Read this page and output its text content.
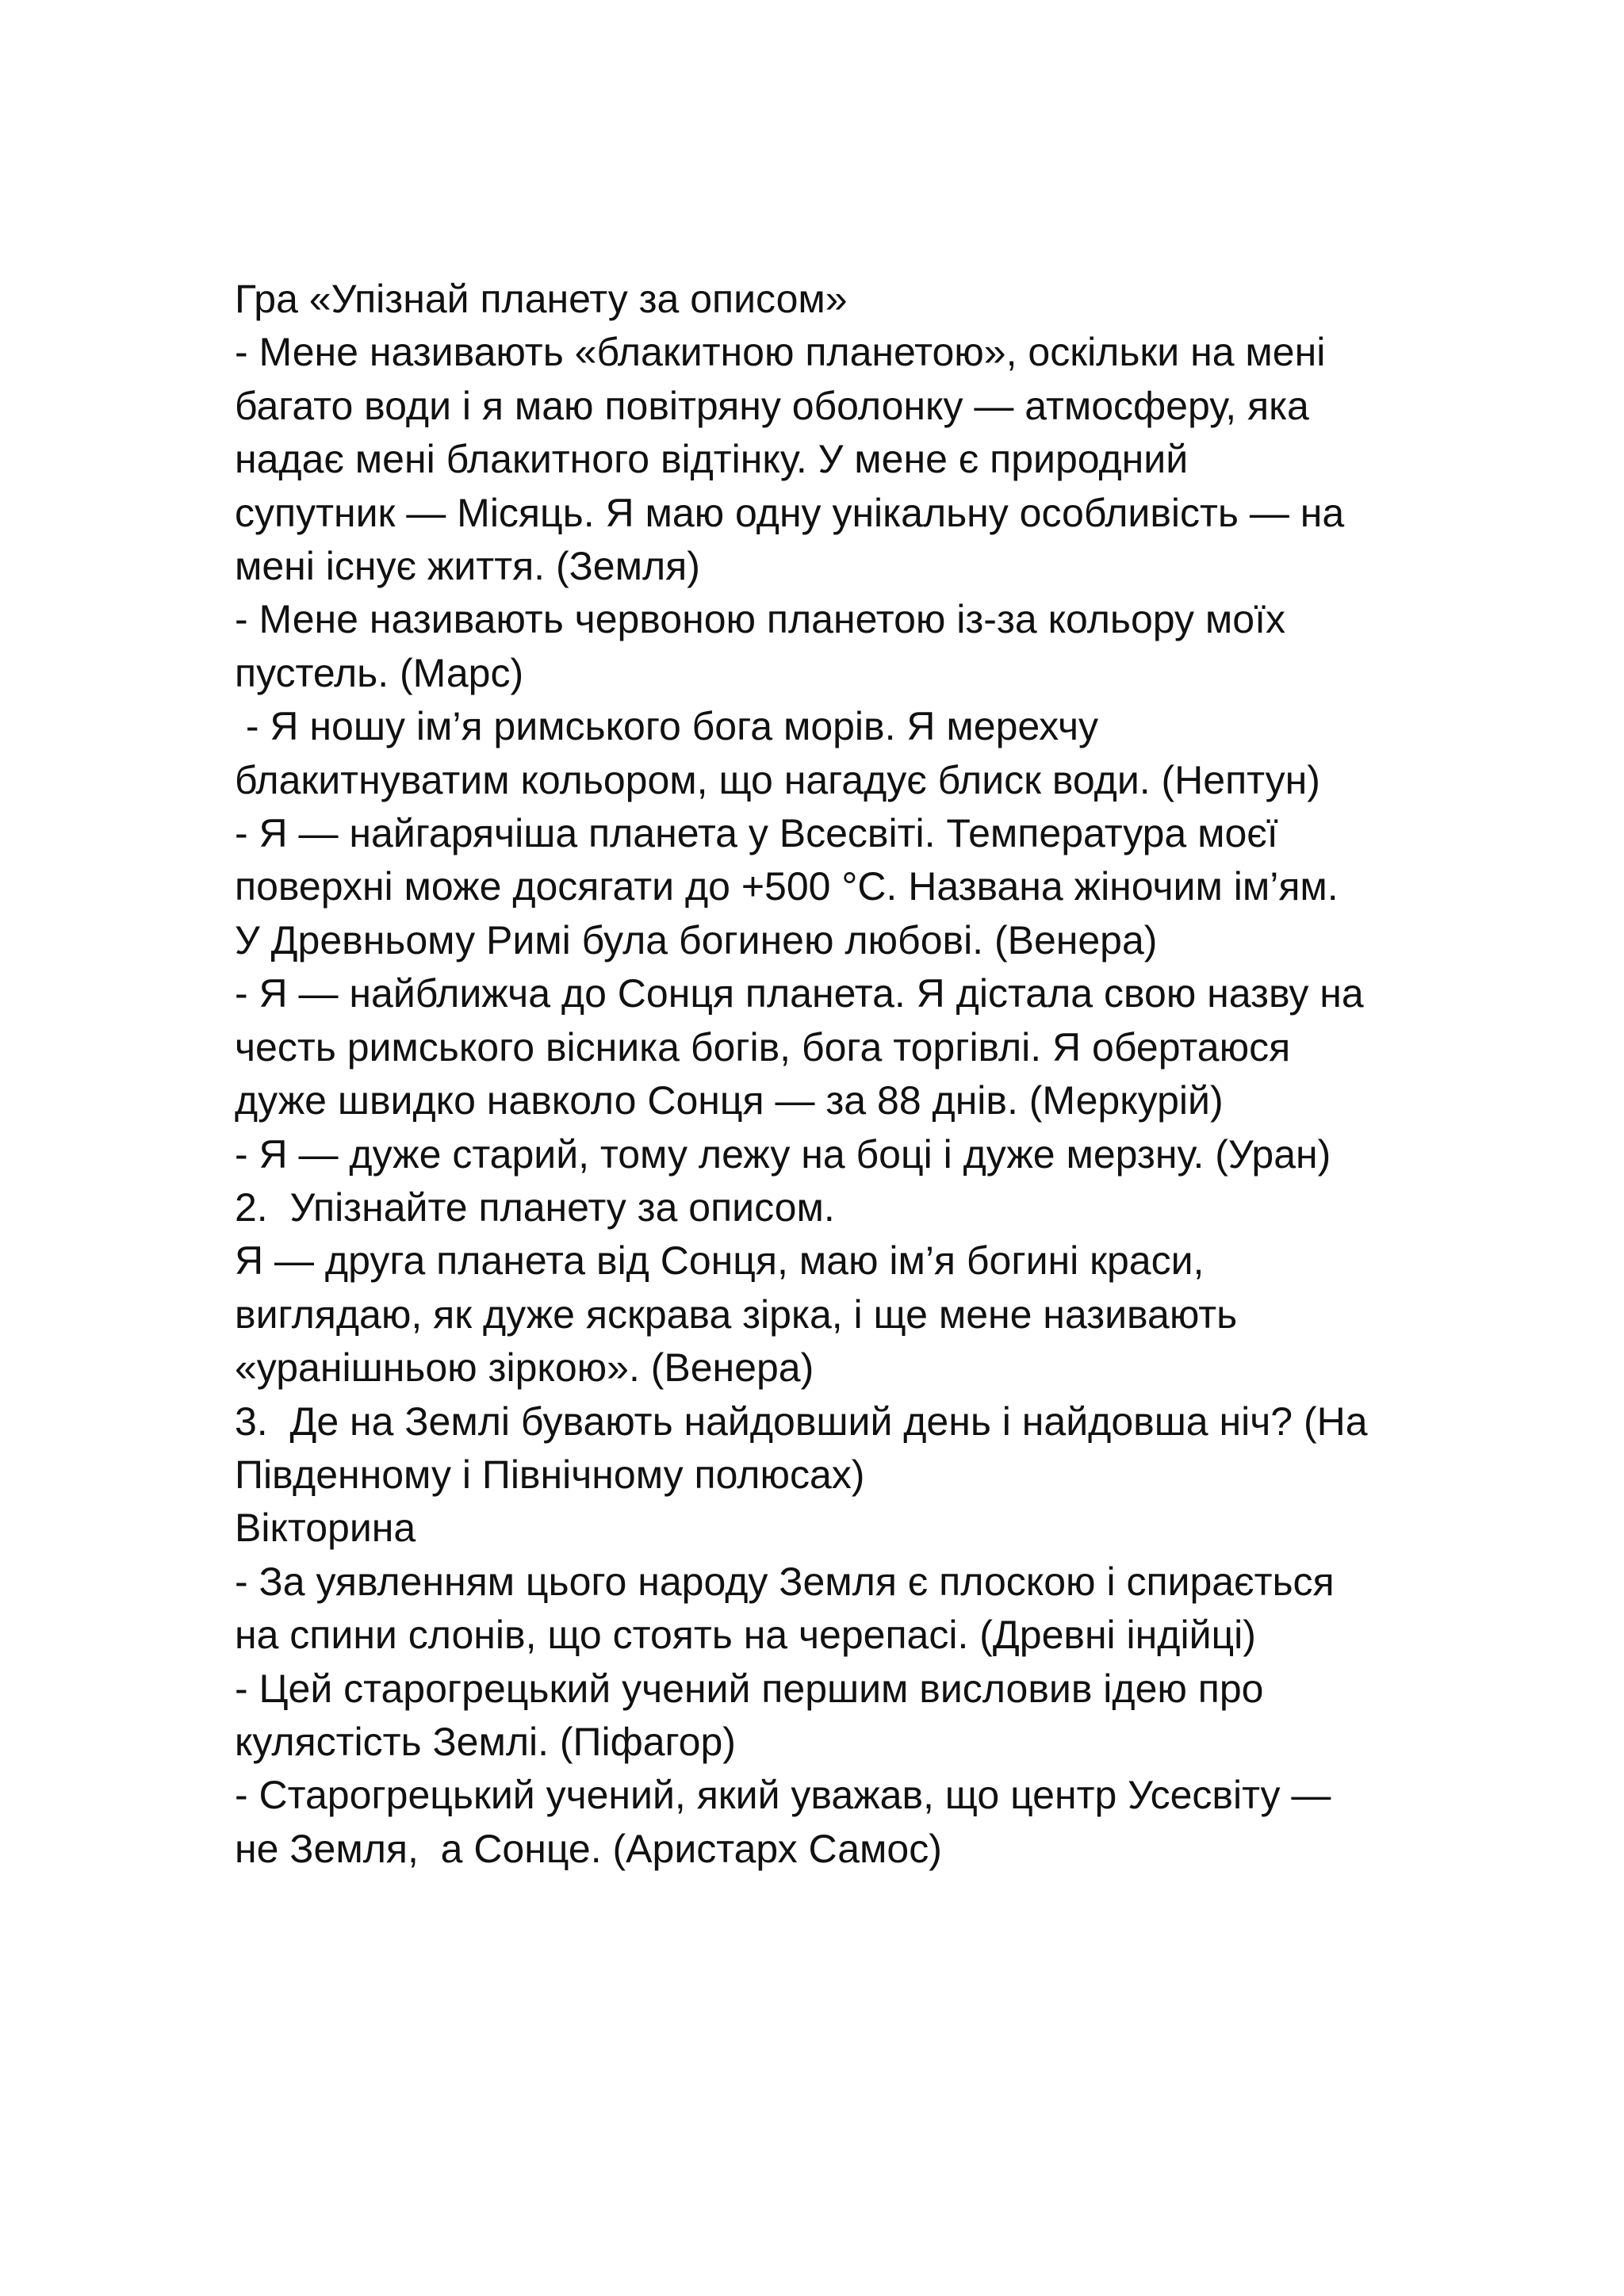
Гра «Упізнай планету за описом»
- Мене називають «блакитною планетою», оскільки на мені
багато води і я маю повітряну оболонку — атмосферу, яка
надає мені блакитного відтінку. У мене є природний
супутник — Місяць. Я маю одну унікальну особливість — на
мені існує життя. (Земля)
- Мене називають червоною планетою із-за кольору моїх
пустель. (Марс)
- Я ношу ім’я римського бога морів. Я мерехчу
блакитнуватим кольором, що нагадує блиск води. (Нептун)
- Я — найгарячіша планета у Всесвіті. Температура моєї
поверхні може досягати до +500 °С. Названа жіночим ім’ям.
У Древньому Римі була богинею любові. (Венера)
- Я — найближча до Сонця планета. Я дістала свою назву на
честь римського вісника богів, бога торгівлі. Я обертаюся
дуже швидко навколо Сонця — за 88 днів. (Меркурій)
- Я — дуже старий, тому лежу на боці і дуже мерзну. (Уран)
2.  Упізнайте планету за описом.
Я — друга планета від Сонця, маю ім’я богині краси,
виглядаю, як дуже яскрава зірка, і ще мене називають
«уранішньою зіркою». (Венера)
3.  Де на Землі бувають найдовший день і найдовша ніч? (На
Південному і Північному полюсах)
Вікторина
- За уявленням цього народу Земля є плоскою і спирається
на спини слонів, що стоять на черепасі. (Древні індійці)
- Цей старогрецький учений першим висловив ідею про
кулястість Землі. (Піфагор)
- Старогрецький учений, який уважав, що центр Усесвіту —
не Земля,  а Сонце. (Аристарх Самос)
